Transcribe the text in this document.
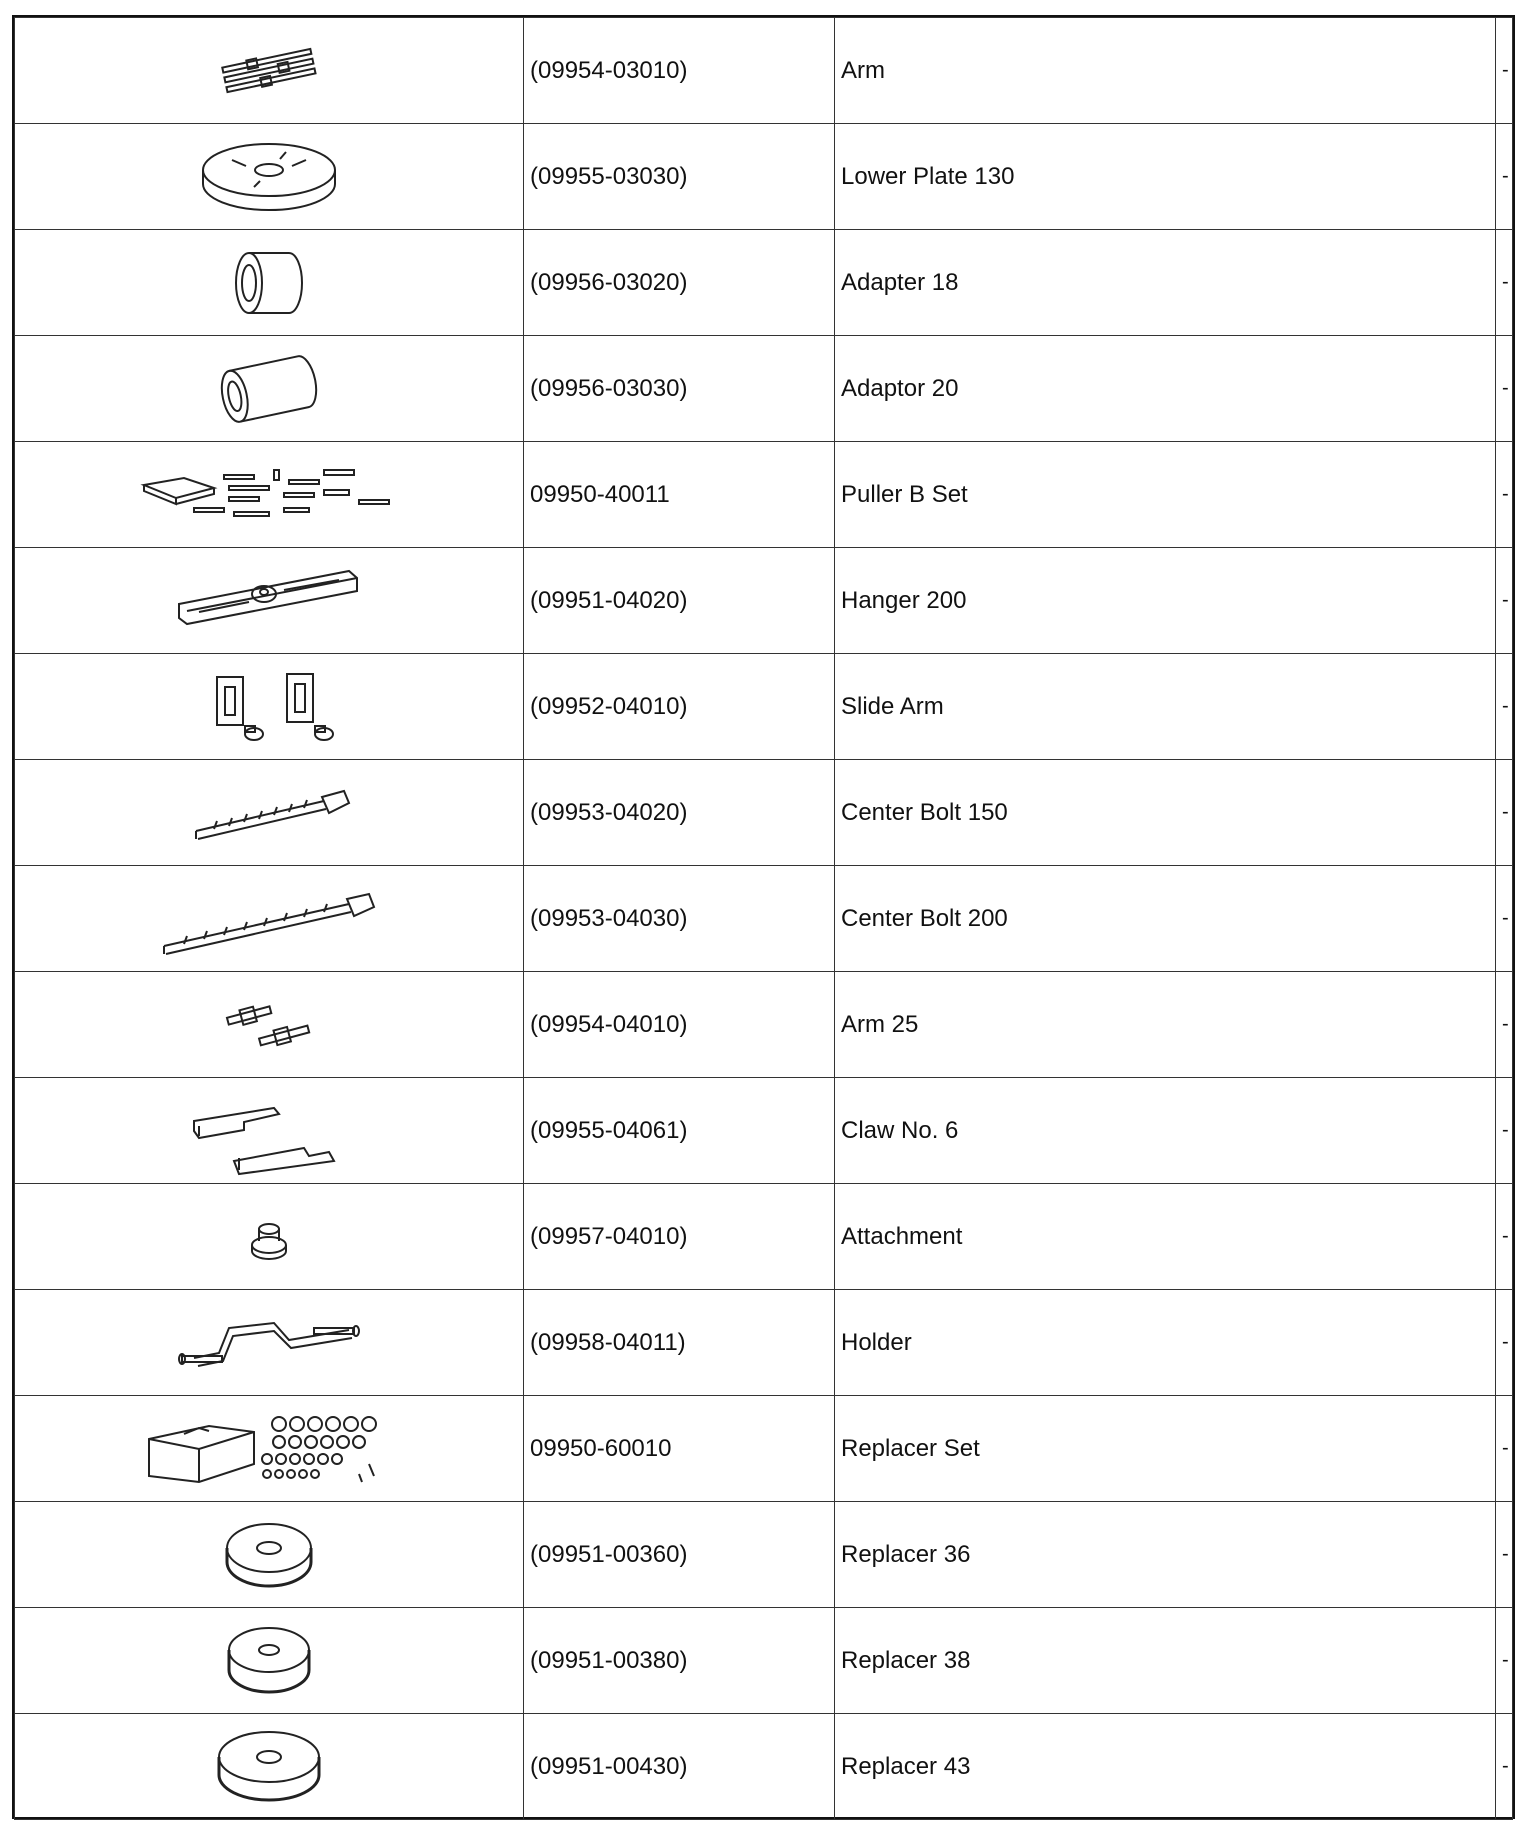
	(09954-03010)	Arm	-

	(09955-03030)	Lower Plate 130	-

	(09956-03020)	Adapter 18	-

	(09956-03030)	Adaptor 20	-

	09950-40011	Puller B Set	-

	(09951-04020)	Hanger 200	-

	(09952-04010)	Slide Arm	-

	(09953-04020)	Center Bolt 150	-

	(09953-04030)	Center Bolt 200	-

	(09954-04010)	Arm 25	-

	(09955-04061)	Claw No. 6	-

	(09957-04010)	Attachment	-

	(09958-04011)	Holder	-

	09950-60010	Replacer Set	-

	(09951-00360)	Replacer 36	-

	(09951-00380)	Replacer 38	-

	(09951-00430)	Replacer 43	-
